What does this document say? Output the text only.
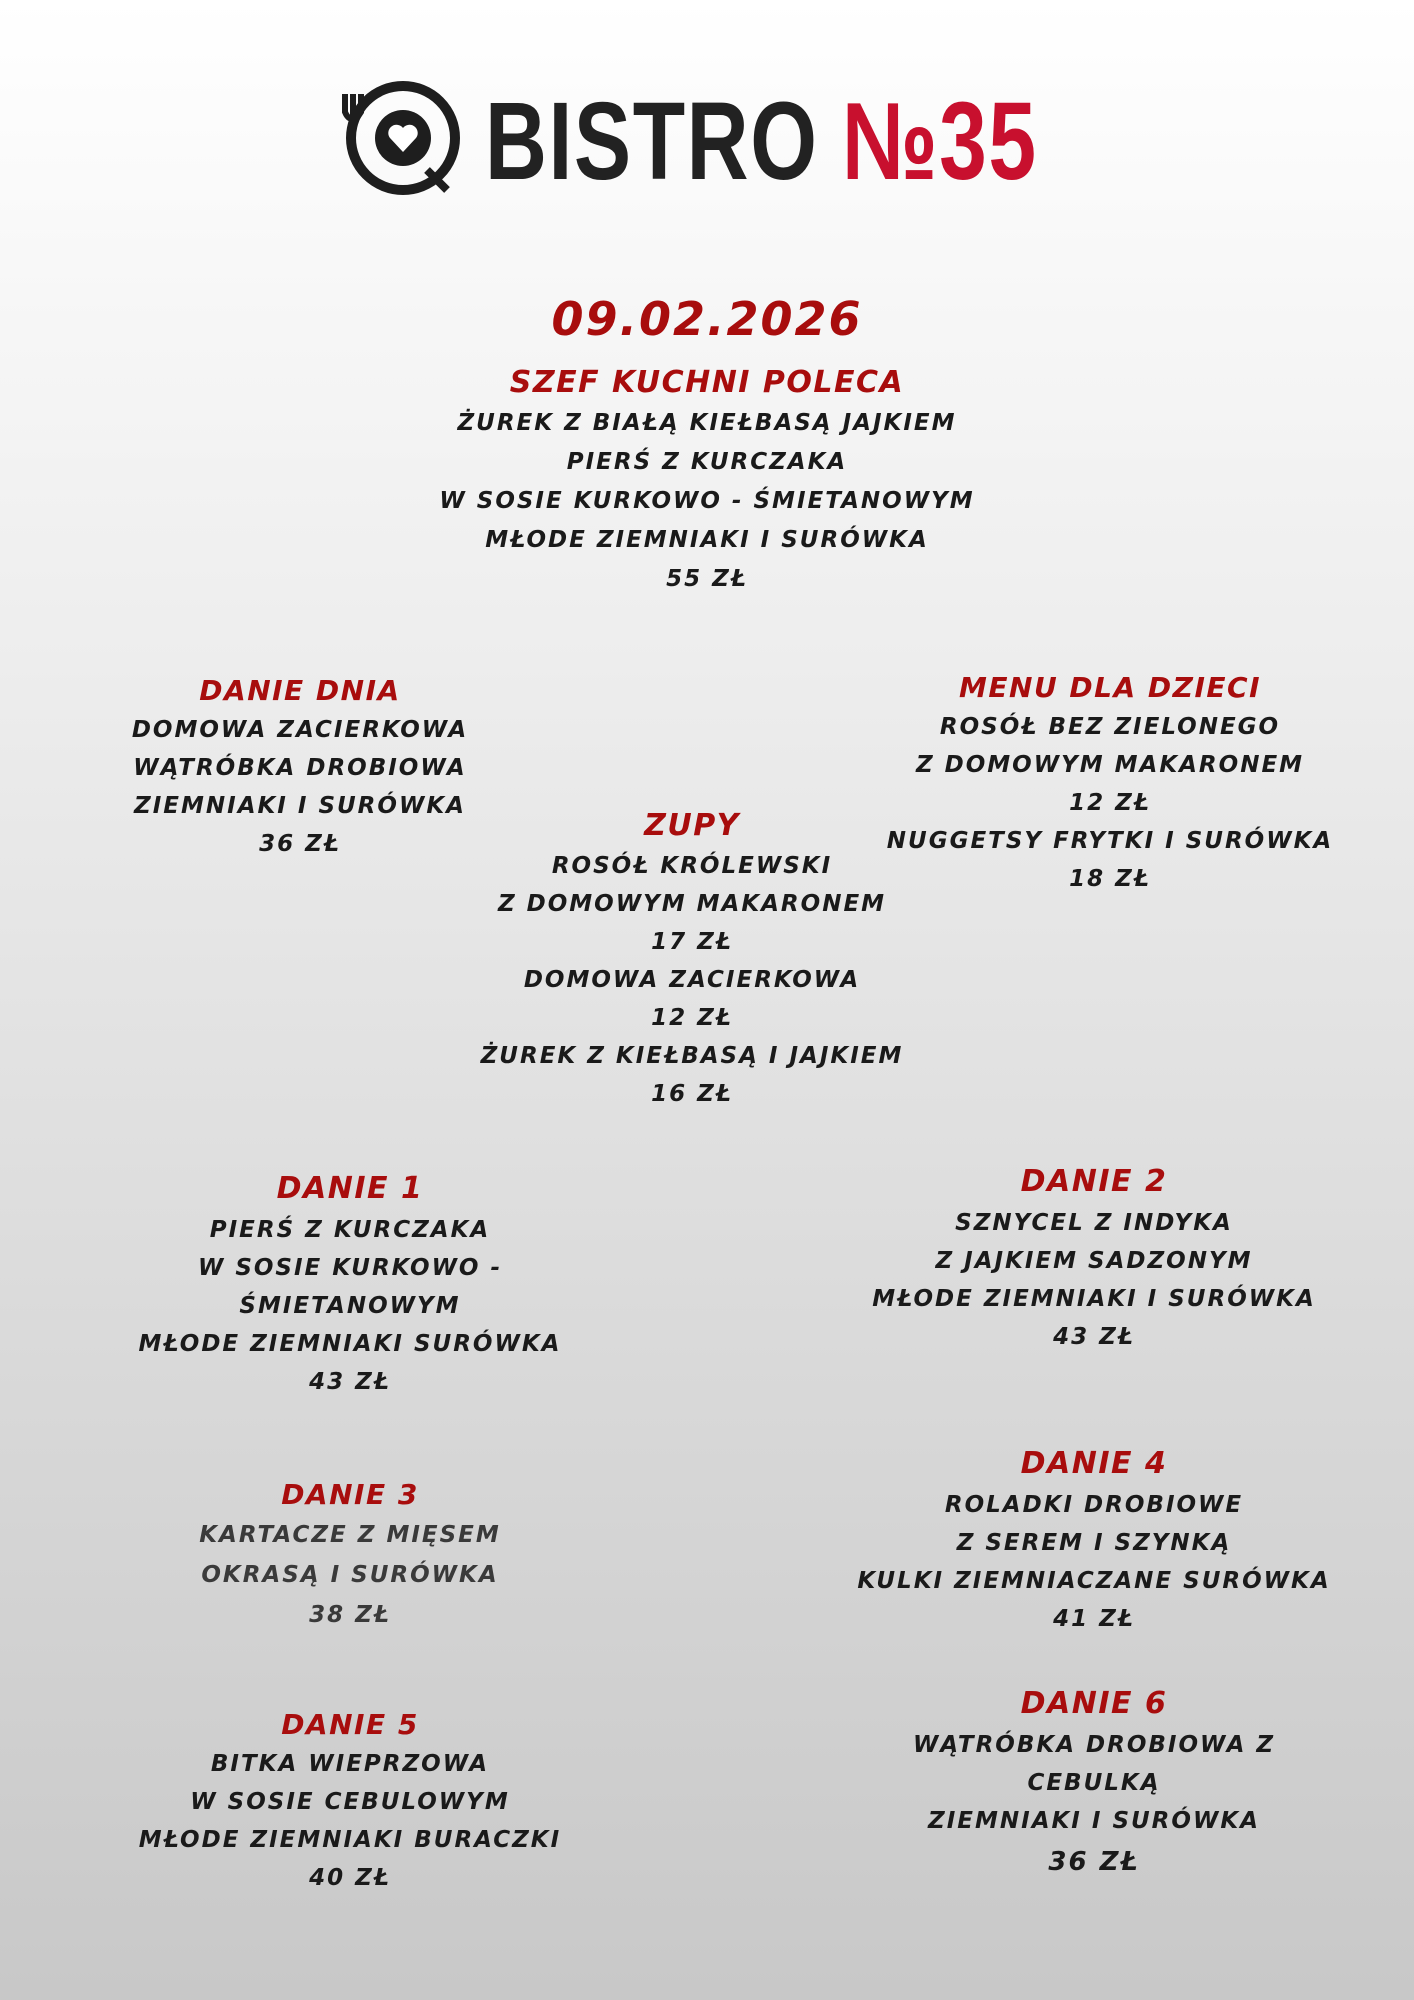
BISTRO №35
09.02.2026
SZEF KUCHNI POLECA
ŻUREK Z BIAŁĄ KIEŁBASĄ JAJKIEM
PIERŚ Z KURCZAKA
W SOSIE KURKOWO - ŚMIETANOWYM
MŁODE ZIEMNIAKI I SURÓWKA
55 ZŁ
DANIE DNIA
DOMOWA ZACIERKOWA
WĄTRÓBKA DROBIOWA
ZIEMNIAKI I SURÓWKA
36 ZŁ
MENU DLA DZIECI
ROSÓŁ BEZ ZIELONEGO
Z DOMOWYM MAKARONEM
12 ZŁ
NUGGETSY FRYTKI I SURÓWKA
18 ZŁ
ZUPY
ROSÓŁ KRÓLEWSKI
Z DOMOWYM MAKARONEM
17 ZŁ
DOMOWA ZACIERKOWA
12 ZŁ
ŻUREK Z KIEŁBASĄ I JAJKIEM
16 ZŁ
DANIE 1
PIERŚ Z KURCZAKA
W SOSIE KURKOWO -
ŚMIETANOWYM
MŁODE ZIEMNIAKI SURÓWKA
43 ZŁ
DANIE 2
SZNYCEL Z INDYKA
Z JAJKIEM SADZONYM
MŁODE ZIEMNIAKI I SURÓWKA
43 ZŁ
DANIE 3
KARTACZE Z MIĘSEM
OKRASĄ I SURÓWKA
38 ZŁ
DANIE 4
ROLADKI DROBIOWE
Z SEREM I SZYNKĄ
KULKI ZIEMNIACZANE SURÓWKA
41 ZŁ
DANIE 5
BITKA WIEPRZOWA
W SOSIE CEBULOWYM
MŁODE ZIEMNIAKI BURACZKI
40 ZŁ
DANIE 6
WĄTRÓBKA DROBIOWA Z CEBULKĄ
ZIEMNIAKI I SURÓWKA
36 ZŁ
